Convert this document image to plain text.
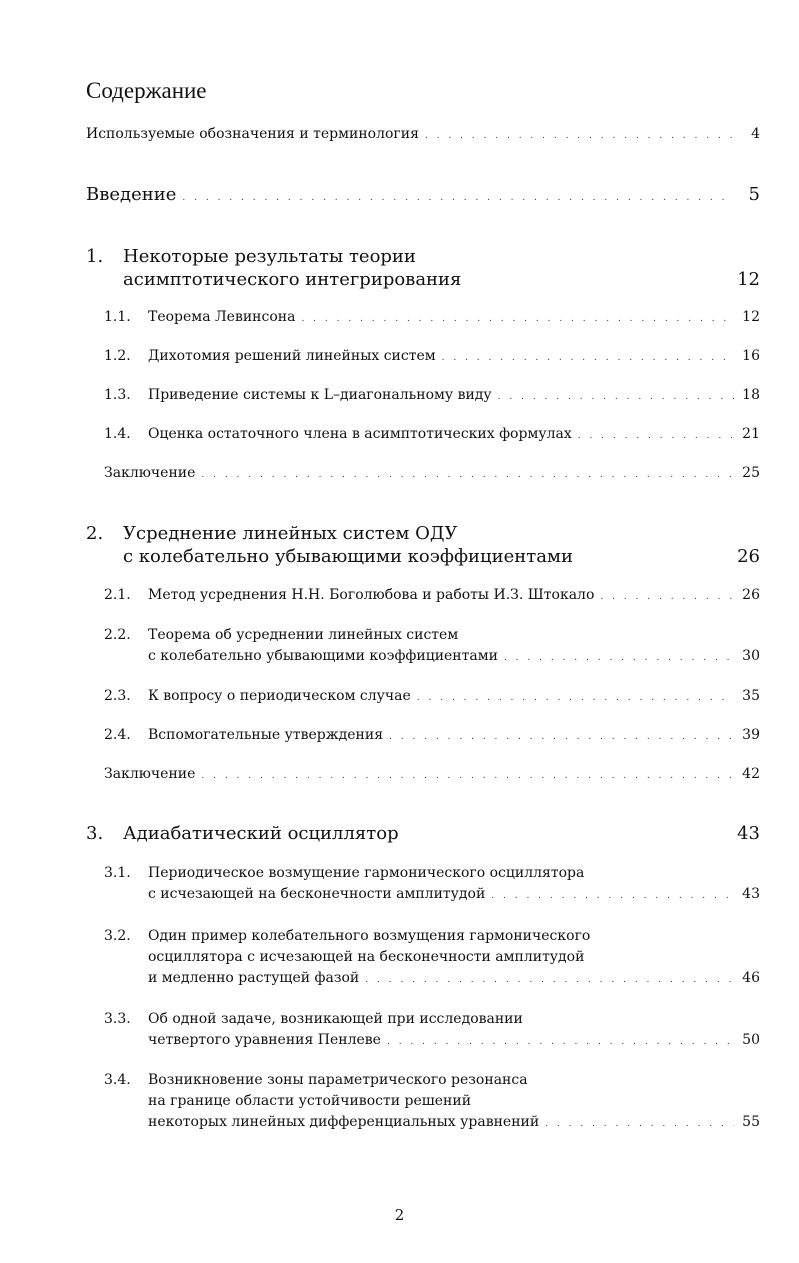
Содержание
Используемые обозначения и терминология . . .	4
Введение . . .	5
1. Некоторые результаты теории
асимптотического интегрирования	12
1.1. Теорема Левинсона . . .	12
1.2. Дихотомия решений линейных систем . . .	16
1.3. Приведение системы к L–диагональному виду . . .	18
1.4. Оценка остаточного члена в асимптотических формулах . . .	21
Заключение . . .	25
2. Усреднение линейных систем ОДУ
с колебательно убывающими коэффициентами	26
2.1. Метод усреднения Н.Н. Боголюбова и работы И.З. Штокало . . .	26
2.2. Теорема об усреднении линейных систем
с колебательно убывающими коэффициентами . . .	30
2.3. К вопросу о периодическом случае . . .	35
2.4. Вспомогательные утверждения . . .	39
Заключение . . .	42
3. Адиабатический осциллятор	43
3.1. Периодическое возмущение гармонического осциллятора
с исчезающей на бесконечности амплитудой . . .	43
3.2. Один пример колебательного возмущения гармонического
осциллятора с исчезающей на бесконечности амплитудой
и медленно растущей фазой . . .	46
3.3. Об одной задаче, возникающей при исследовании
четвертого уравнения Пенлеве . . .	50
3.4. Возникновение зоны параметрического резонанса
на границе области устойчивости решений
некоторых линейных дифференциальных уравнений . . .	55
2
